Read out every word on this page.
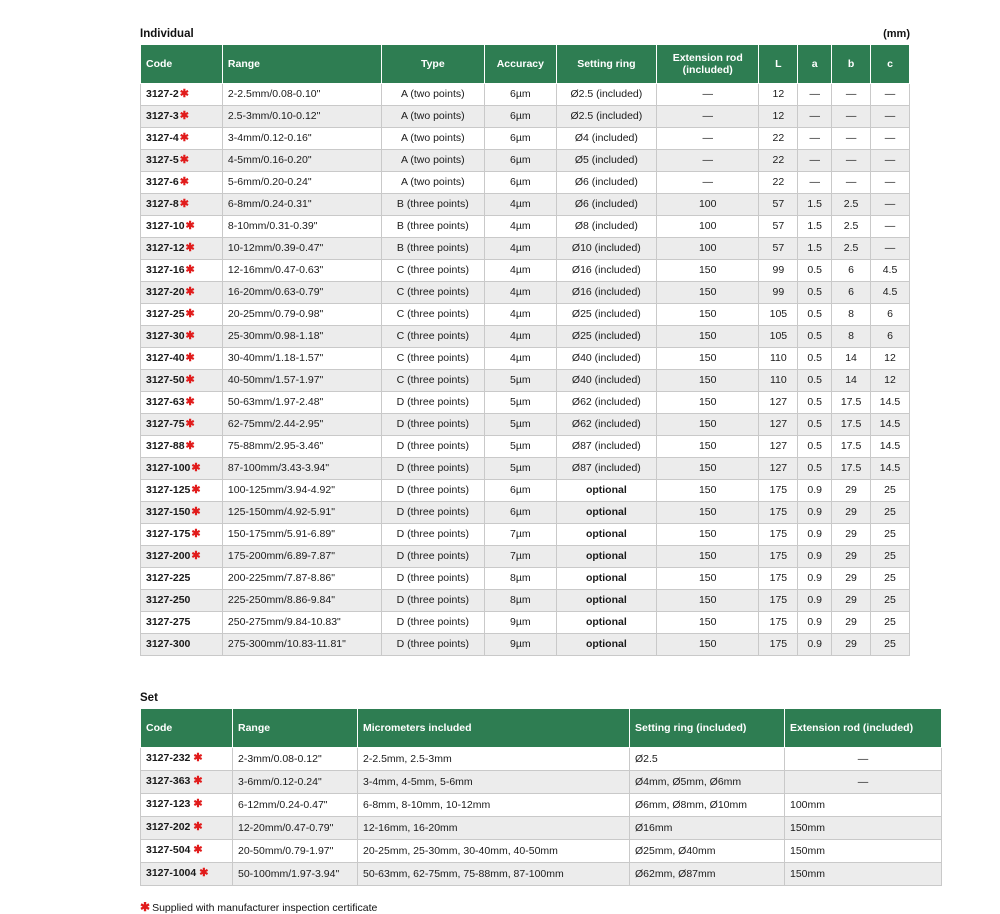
Individual	(mm)
Code	Range	Type	Accuracy	Setting ring	Extension rod (included)	L	a	b	c
3127-2✱	2-2.5mm/0.08-0.10"	A (two points)	6µm	Ø2.5 (included)	—	12	—	—	—
3127-3✱	2.5-3mm/0.10-0.12"	A (two points)	6µm	Ø2.5 (included)	—	12	—	—	—
3127-4✱	3-4mm/0.12-0.16"	A (two points)	6µm	Ø4 (included)	—	22	—	—	—
3127-5✱	4-5mm/0.16-0.20"	A (two points)	6µm	Ø5 (included)	—	22	—	—	—
3127-6✱	5-6mm/0.20-0.24"	A (two points)	6µm	Ø6 (included)	—	22	—	—	—
3127-8✱	6-8mm/0.24-0.31"	B (three points)	4µm	Ø6 (included)	100	57	1.5	2.5	—
3127-10✱	8-10mm/0.31-0.39"	B (three points)	4µm	Ø8 (included)	100	57	1.5	2.5	—
3127-12✱	10-12mm/0.39-0.47"	B (three points)	4µm	Ø10 (included)	100	57	1.5	2.5	—
3127-16✱	12-16mm/0.47-0.63"	C (three points)	4µm	Ø16 (included)	150	99	0.5	6	4.5
3127-20✱	16-20mm/0.63-0.79"	C (three points)	4µm	Ø16 (included)	150	99	0.5	6	4.5
3127-25✱	20-25mm/0.79-0.98"	C (three points)	4µm	Ø25 (included)	150	105	0.5	8	6
3127-30✱	25-30mm/0.98-1.18"	C (three points)	4µm	Ø25 (included)	150	105	0.5	8	6
3127-40✱	30-40mm/1.18-1.57"	C (three points)	4µm	Ø40 (included)	150	110	0.5	14	12
3127-50✱	40-50mm/1.57-1.97"	C (three points)	5µm	Ø40 (included)	150	110	0.5	14	12
3127-63✱	50-63mm/1.97-2.48"	D (three points)	5µm	Ø62 (included)	150	127	0.5	17.5	14.5
3127-75✱	62-75mm/2.44-2.95"	D (three points)	5µm	Ø62 (included)	150	127	0.5	17.5	14.5
3127-88✱	75-88mm/2.95-3.46"	D (three points)	5µm	Ø87 (included)	150	127	0.5	17.5	14.5
3127-100✱	87-100mm/3.43-3.94"	D (three points)	5µm	Ø87 (included)	150	127	0.5	17.5	14.5
3127-125✱	100-125mm/3.94-4.92"	D (three points)	6µm	optional	150	175	0.9	29	25
3127-150✱	125-150mm/4.92-5.91"	D (three points)	6µm	optional	150	175	0.9	29	25
3127-175✱	150-175mm/5.91-6.89"	D (three points)	7µm	optional	150	175	0.9	29	25
3127-200✱	175-200mm/6.89-7.87"	D (three points)	7µm	optional	150	175	0.9	29	25
3127-225	200-225mm/7.87-8.86"	D (three points)	8µm	optional	150	175	0.9	29	25
3127-250	225-250mm/8.86-9.84"	D (three points)	8µm	optional	150	175	0.9	29	25
3127-275	250-275mm/9.84-10.83"	D (three points)	9µm	optional	150	175	0.9	29	25
3127-300	275-300mm/10.83-11.81"	D (three points)	9µm	optional	150	175	0.9	29	25
Set
Code	Range	Micrometers included	Setting ring (included)	Extension rod (included)
3127-232 ✱	2-3mm/0.08-0.12"	2-2.5mm, 2.5-3mm	Ø2.5	—
3127-363 ✱	3-6mm/0.12-0.24"	3-4mm, 4-5mm, 5-6mm	Ø4mm, Ø5mm, Ø6mm	—
3127-123 ✱	6-12mm/0.24-0.47"	6-8mm, 8-10mm, 10-12mm	Ø6mm, Ø8mm, Ø10mm	100mm
3127-202 ✱	12-20mm/0.47-0.79"	12-16mm, 16-20mm	Ø16mm	150mm
3127-504 ✱	20-50mm/0.79-1.97"	20-25mm, 25-30mm, 30-40mm, 40-50mm	Ø25mm, Ø40mm	150mm
3127-1004 ✱	50-100mm/1.97-3.94"	50-63mm, 62-75mm, 75-88mm, 87-100mm	Ø62mm, Ø87mm	150mm
✱ Supplied with manufacturer inspection certificate
